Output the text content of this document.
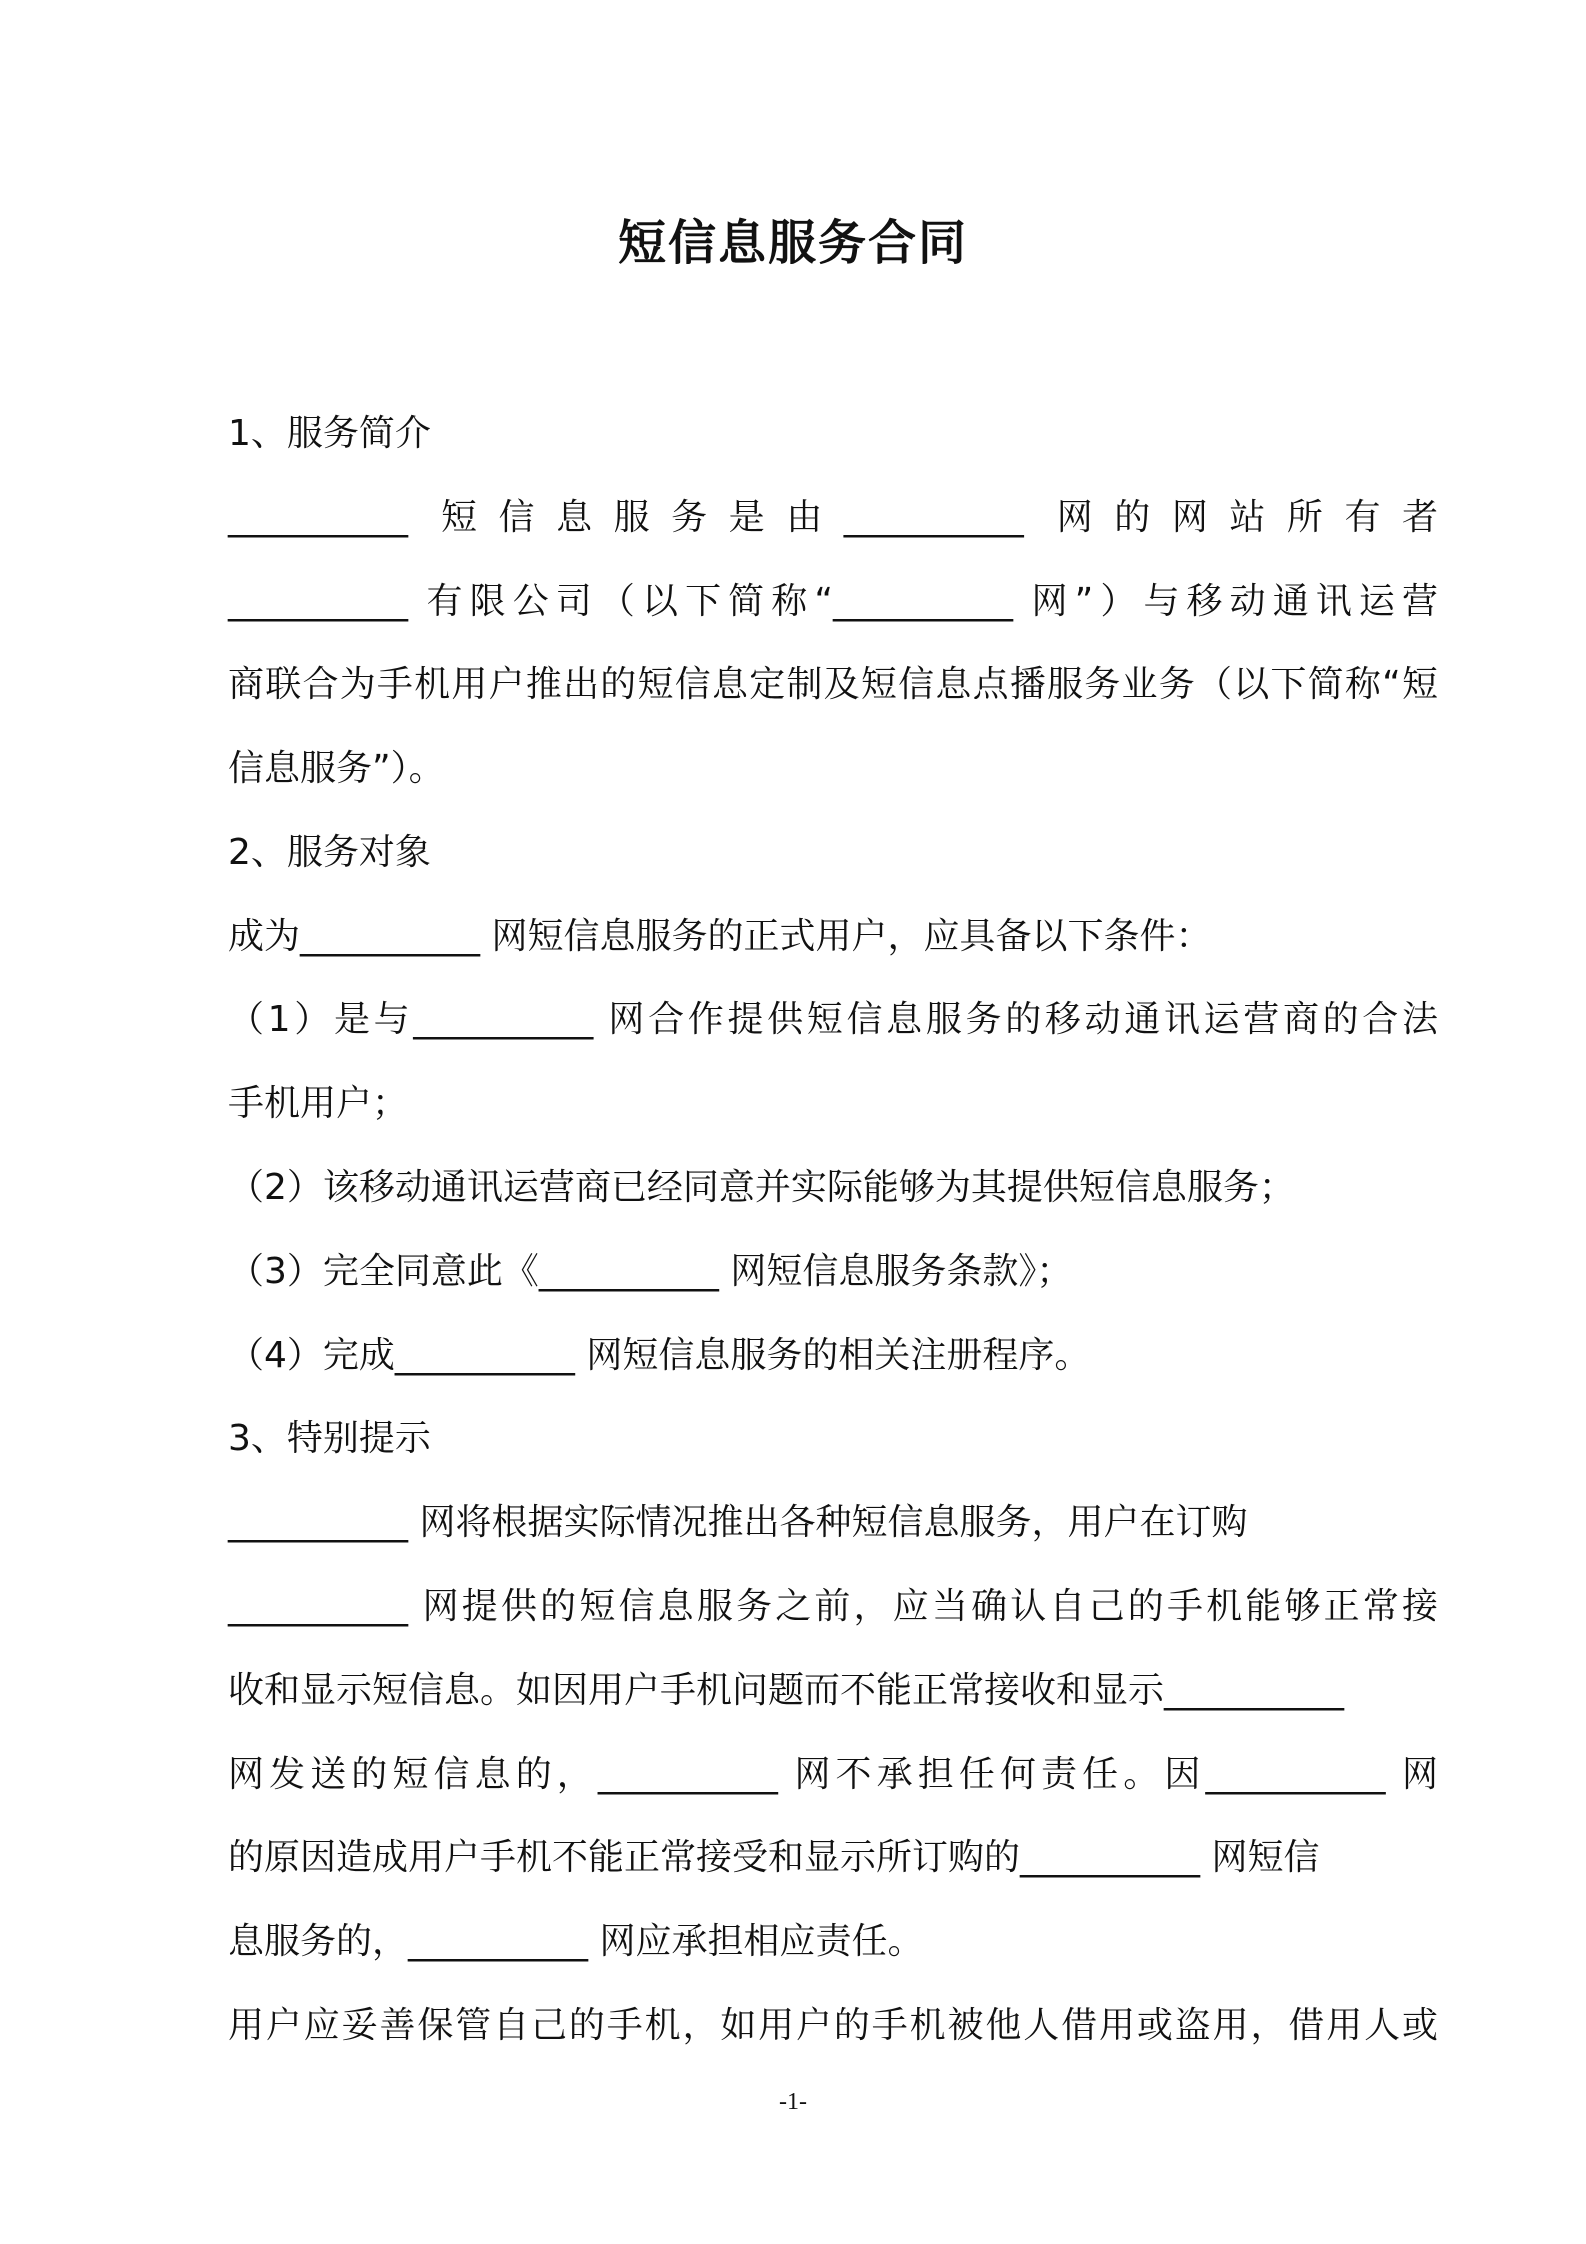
短信息服务合同
1、服务简介
__________ 短信息服务是由__________ 网的网站所有者
__________ 有限公司（以下简称“__________ 网”）与移动通讯运营
商联合为手机用户推出的短信息定制及短信息点播服务业务（以下简称“短
信息服务”）。
2、服务对象
成为__________ 网短信息服务的正式用户，应具备以下条件：
（1）是与__________ 网合作提供短信息服务的移动通讯运营商的合法
手机用户；
（2）该移动通讯运营商已经同意并实际能够为其提供短信息服务；
（3）完全同意此《__________ 网短信息服务条款》；
（4）完成__________ 网短信息服务的相关注册程序。
3、特别提示
__________ 网将根据实际情况推出各种短信息服务，用户在订购
__________ 网提供的短信息服务之前，应当确认自己的手机能够正常接
收和显示短信息。如因用户手机问题而不能正常接收和显示__________
网发送的短信息的，__________ 网不承担任何责任。因__________ 网
的原因造成用户手机不能正常接受和显示所订购的__________ 网短信
息服务的，__________ 网应承担相应责任。
用户应妥善保管自己的手机，如用户的手机被他人借用或盗用，借用人或
-1-
